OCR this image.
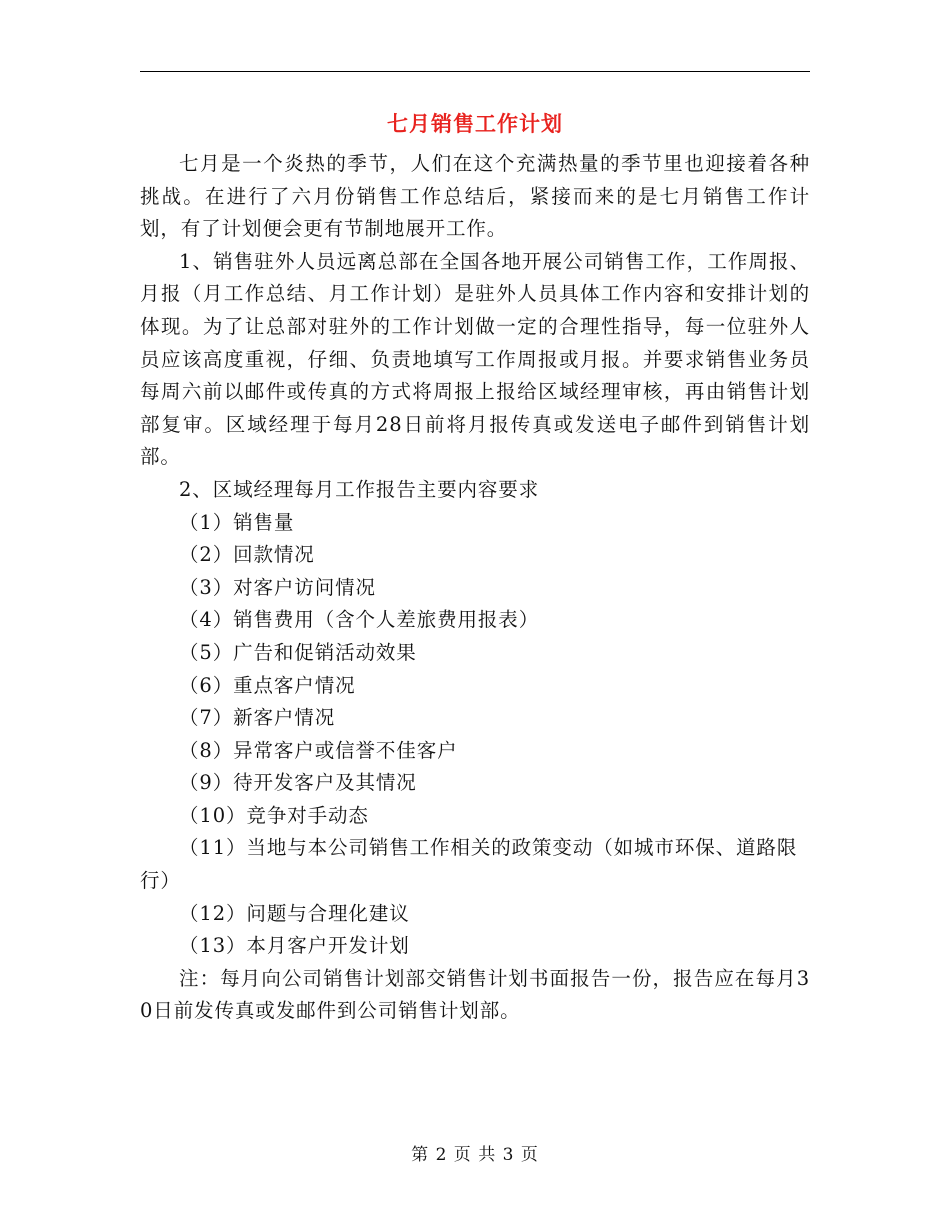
七月销售工作计划

七月是一个炎热的季节，人们在这个充满热量的季节里也迎接着各种挑战。在进行了六月份销售工作总结后，紧接而来的是七月销售工作计划，有了计划便会更有节制地展开工作。

1、销售驻外人员远离总部在全国各地开展公司销售工作，工作周报、月报（月工作总结、月工作计划）是驻外人员具体工作内容和安排计划的体现。为了让总部对驻外的工作计划做一定的合理性指导，每一位驻外人员应该高度重视，仔细、负责地填写工作周报或月报。并要求销售业务员每周六前以邮件或传真的方式将周报上报给区域经理审核，再由销售计划部复审。区域经理于每月28日前将月报传真或发送电子邮件到销售计划部。

2、区域经理每月工作报告主要内容要求

（1）销售量
（2）回款情况
（3）对客户访问情况
（4）销售费用（含个人差旅费用报表）
（5）广告和促销活动效果
（6）重点客户情况
（7）新客户情况
（8）异常客户或信誉不佳客户
（9）待开发客户及其情况
（10）竞争对手动态
（11）当地与本公司销售工作相关的政策变动（如城市环保、道路限行）
（12）问题与合理化建议
（13）本月客户开发计划

注：每月向公司销售计划部交销售计划书面报告一份，报告应在每月30日前发传真或发邮件到公司销售计划部。

第 2 页 共 3 页
